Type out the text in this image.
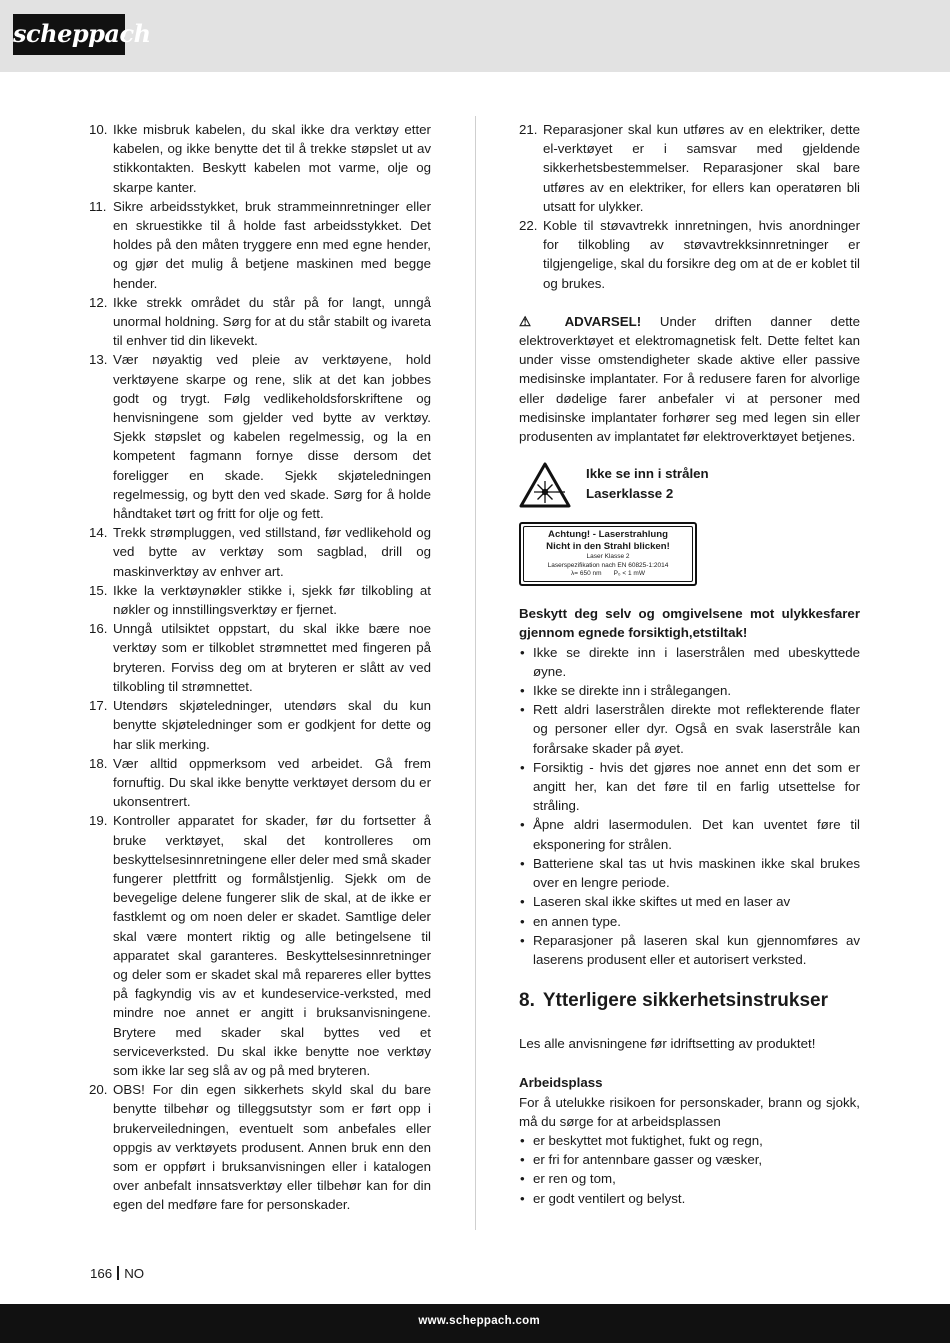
scheppach
10. Ikke misbruk kabelen, du skal ikke dra verktøy etter kabelen, og ikke benytte det til å trekke støpslet ut av stikkontakten. Beskytt kabelen mot varme, olje og skarpe kanter.
11. Sikre arbeidsstykket, bruk strammeinnretninger eller en skruestikke til å holde fast arbeidsstykket. Det holdes på den måten tryggere enn med egne hender, og gjør det mulig å betjene maskinen med begge hender.
12. Ikke strekk området du står på for langt, unngå unormal holdning. Sørg for at du står stabilt og ivareta til enhver tid din likevekt.
13. Vær nøyaktig ved pleie av verktøyene, hold verktøyene skarpe og rene, slik at det kan jobbes godt og trygt. Følg vedlikeholdsforskriftene og henvisningene som gjelder ved bytte av verktøy. Sjekk støpslet og kabelen regelmessig, og la en kompetent fagmann fornye disse dersom det foreligger en skade. Sjekk skjøteledningen regelmessig, og bytt den ved skade. Sørg for å holde håndtaket tørt og fritt for olje og fett.
14. Trekk strømpluggen, ved stillstand, før vedlikehold og ved bytte av verktøy som sagblad, drill og maskinverktøy av enhver art.
15. Ikke la verktøynøkler stikke i, sjekk før tilkobling at nøkler og innstillingsverktøy er fjernet.
16. Unngå utilsiktet oppstart, du skal ikke bære noe verktøy som er tilkoblet strømnettet med fingeren på bryteren. Forviss deg om at bryteren er slått av ved tilkobling til strømnettet.
17. Utendørs skjøteledninger, utendørs skal du kun benytte skjøteledninger som er godkjent for dette og har slik merking.
18. Vær alltid oppmerksom ved arbeidet. Gå frem fornuftig. Du skal ikke benytte verktøyet dersom du er ukonsentrert.
19. Kontroller apparatet for skader, før du fortsetter å bruke verktøyet, skal det kontrolleres om beskyttelsesinnretningene eller deler med små skader fungerer plettfritt og formålstjenlig. Sjekk om de bevegelige delene fungerer slik de skal, at de ikke er fastklemt og om noen deler er skadet. Samtlige deler skal være montert riktig og alle betingelsene til apparatet skal garanteres. Beskyttelsesinnretninger og deler som er skadet skal må repareres eller byttes på fagkyndig vis av et kundeservice-verksted, med mindre noe annet er angitt i bruksanvisningene. Brytere med skader skal byttes ved et serviceverksted. Du skal ikke benytte noe verktøy som ikke lar seg slå av og på med bryteren.
20. OBS! For din egen sikkerhets skyld skal du bare benytte tilbehør og tilleggsutstyr som er ført opp i brukerveiledningen, eventuelt som anbefales eller oppgis av verktøyets produsent. Annen bruk enn den som er oppført i bruksanvisningen eller i katalogen over anbefalt innsatsverktøy eller tilbehør kan for din egen del medføre fare for personskader.
21. Reparasjoner skal kun utføres av en elektriker, dette el-verktøyet er i samsvar med gjeldende sikkerhetsbestemmelser. Reparasjoner skal bare utføres av en elektriker, for ellers kan operatøren bli utsatt for ulykker.
22. Koble til støvavtrekk innretningen, hvis anordninger for tilkobling av støvavtrekksinnretninger er tilgjengelige, skal du forsikre deg om at de er koblet til og brukes.

⚠ ADVARSEL! Under driften danner dette elektroverktøyet et elektromagnetisk felt. Dette feltet kan under visse omstendigheter skade aktive eller passive medisinske implantater. For å redusere faren for alvorlige eller dødelige farer anbefaler vi at personer med medisinske implantater forhører seg med legen sin eller produsenten av implantatet før elektroverktøyet betjenes.

Ikke se inn i strålen
Laserklasse 2
Achtung! - Laserstrahlung
Nicht in den Strahl blicken!
Laser Klasse 2
Laserspezifikation nach EN 60825-1:2014
λ= 650 nm P₀ < 1 mW

Beskytt deg selv og omgivelsene mot ulykkesfarer gjennom egnede forsiktigh,etstiltak!

• Ikke se direkte inn i laserstrålen med ubeskyttede øyne.
• Ikke se direkte inn i strålegangen.
• Rett aldri laserstrålen direkte mot reflekterende flater og personer eller dyr. Også en svak laserstråle kan forårsake skader på øyet.
• Forsiktig - hvis det gjøres noe annet enn det som er angitt her, kan det føre til en farlig utsettelse for stråling.
• Åpne aldri lasermodulen. Det kan uventet føre til eksponering for strålen.
• Batteriene skal tas ut hvis maskinen ikke skal brukes over en lengre periode.
• Laseren skal ikke skiftes ut med en laser av
• en annen type.
• Reparasjoner på laseren skal kun gjennomføres av laserens produsent eller et autorisert verksted.
8. Ytterligere sikkerhetsinstrukser

Les alle anvisningene før idriftsetting av produktet!

Arbeidsplass

For å utelukke risikoen for personskader, brann og sjokk, må du sørge for at arbeidsplassen

• er beskyttet mot fuktighet, fukt og regn,
• er fri for antennbare gasser og væsker,
• er ren og tom,
• er godt ventilert og belyst.
166 NO
www.scheppach.com
